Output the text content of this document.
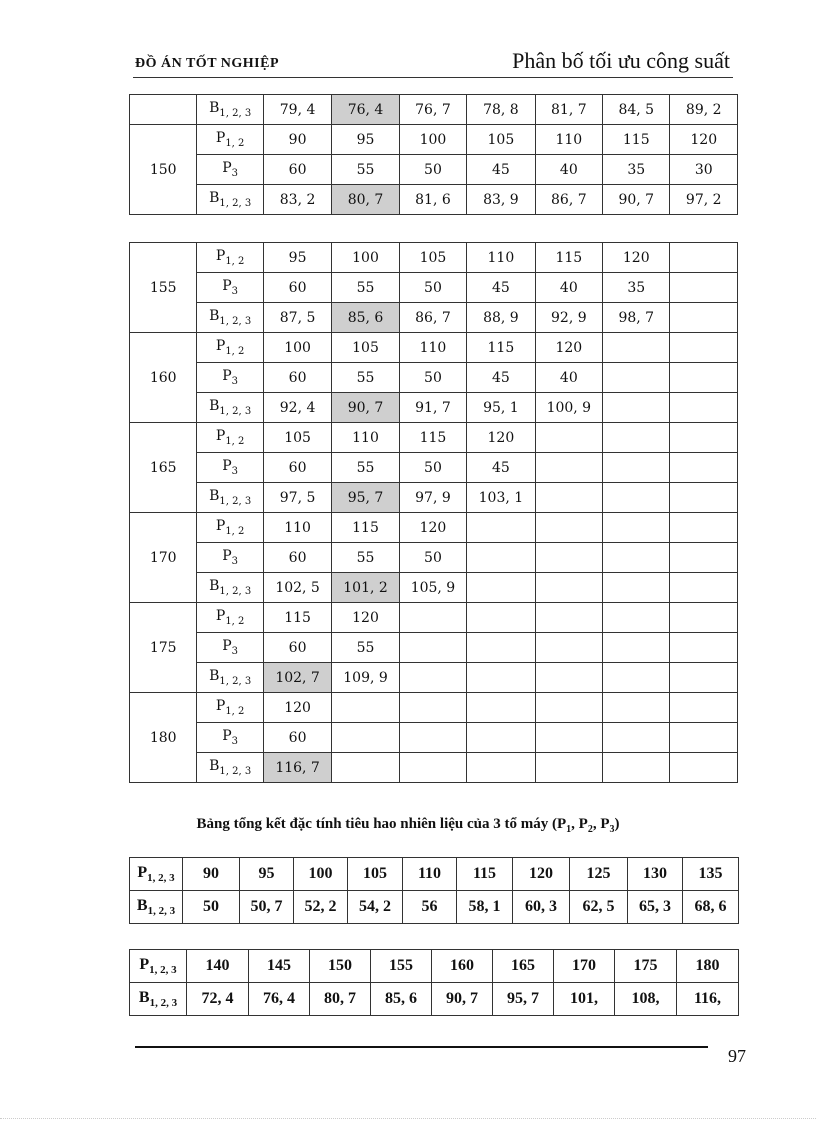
ĐỒ ÁN TỐT NGHIỆP	Phân bố tối ưu công suất
	$B_{1, 2, 3}$	79, 4	76, 4	76, 7	78, 8	81, 7	84, 5	89, 2
150	$P_{1, 2}$	90	95	100	105	110	115	120
	$P_3$	60	55	50	45	40	35	30
	$B_{1, 2, 3}$	83, 2	80, 7	81, 6	83, 9	86, 7	90, 7	97, 2
155	$P_{1, 2}$	95	100	105	110	115	120	
	$P_3$	60	55	50	45	40	35	
	$B_{1, 2, 3}$	87, 5	85, 6	86, 7	88, 9	92, 9	98, 7	
160	$P_{1, 2}$	100	105	110	115	120		
	$P_3$	60	55	50	45	40		
	$B_{1, 2, 3}$	92, 4	90, 7	91, 7	95, 1	100, 9		
165	$P_{1, 2}$	105	110	115	120			
	$P_3$	60	55	50	45			
	$B_{1, 2, 3}$	97, 5	95, 7	97, 9	103, 1			
170	$P_{1, 2}$	110	115	120				
	$P_3$	60	55	50				
	$B_{1, 2, 3}$	102, 5	101, 2	105, 9				
175	$P_{1, 2}$	115	120					
	$P_3$	60	55					
	$B_{1, 2, 3}$	102, 7	109, 9					
180	$P_{1, 2}$	120						
	$P_3$	60						
	$B_{1, 2, 3}$	116, 7						
Bảng tổng kết đặc tính tiêu hao nhiên liệu của 3 tổ máy ($P_1$, $P_2$, $P_3$)
$P_{1, 2, 3}$	90	95	100	105	110	115	120	125	130	135
$B_{1, 2, 3}$	50	50, 7	52, 2	54, 2	56	58, 1	60, 3	62, 5	65, 3	68, 6
$P_{1, 2, 3}$	140	145	150	155	160	165	170	175	180
$B_{1, 2, 3}$	72, 4	76, 4	80, 7	85, 6	90, 7	95, 7	101,	108,	116,
97
